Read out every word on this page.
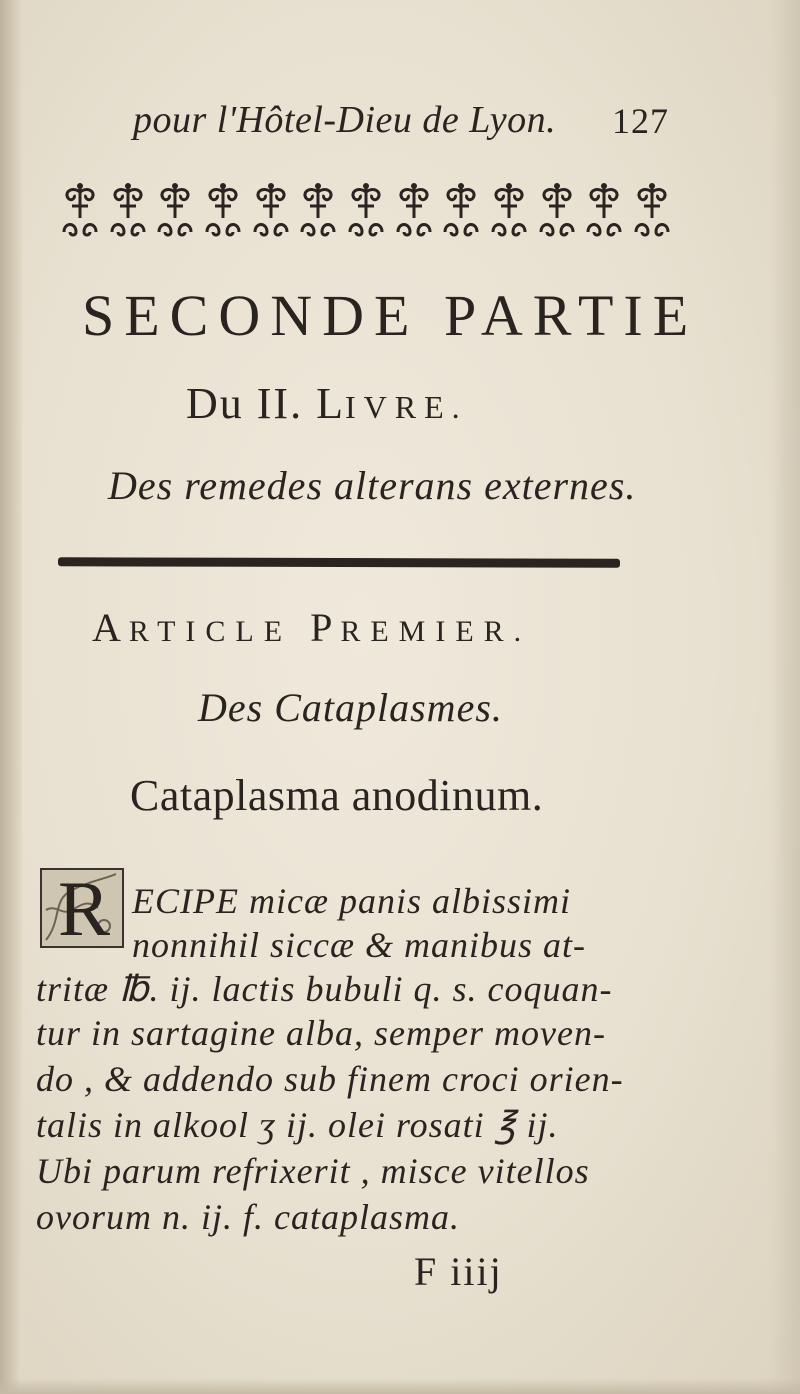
pour l'Hôtel-Dieu de Lyon. 127
SECONDE PARTIE
Du II. LIVRE.
Des remedes alterans externes.
ARTICLE PREMIER.
Des Cataplasmes.
Cataplasma anodinum.
R ECIPE micæ panis albissimi
nonnihil siccæ & manibus at-
tritæ ℔. ij. lactis bubuli q. s. coquan-
tur in sartagine alba, semper moven-
do , & addendo sub finem croci orien-
talis in alkool ʒ ij. olei rosati ℥ ij.
Ubi parum refrixerit , misce vitellos
ovorum n. ij. f. cataplasma.
F iiij
